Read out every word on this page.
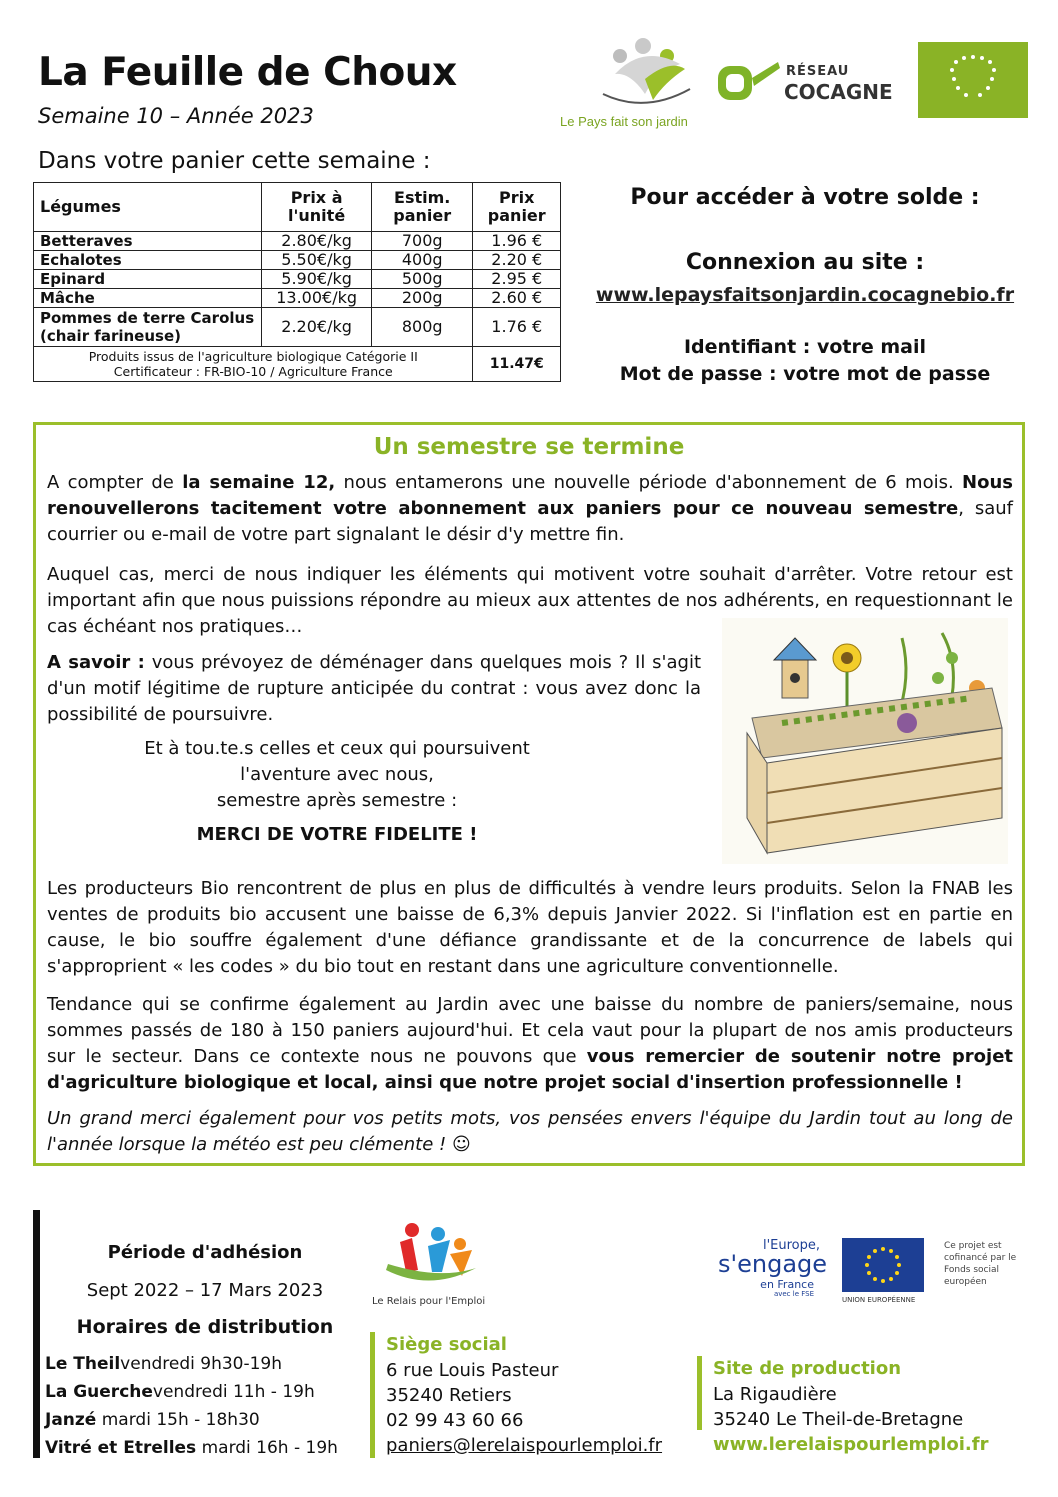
La Feuille de Choux
Semaine 10 – Année 2023	Le Pays fait son jardin
RÉSEAU
COCAGNE
Dans votre panier cette semaine :
Légumes	Prix à l'unité	Estim. panier	Prix panier
Betteraves	2.80€/kg	700g	1.96 €
Echalotes	5.50€/kg	400g	2.20 €
Epinard	5.90€/kg	500g	2.95 €
Mâche	13.00€/kg	200g	2.60 €
Pommes de terre Carolus (chair farineuse)	2.20€/kg	800g	1.76 €

Produits issus de l'agriculture biologique Catégorie II
Certificateur : FR-BIO-10 / Agriculture France			11.47€
Pour accéder à votre solde :
Connexion au site :
www.lepaysfaitsonjardin.cocagnebio.fr
Identifiant : votre mail
Mot de passe : votre mot de passe
Un semestre se termine
A compter de la semaine 12, nous entamerons une nouvelle période d'abonnement de 6 mois. Nous renouvellerons tacitement votre abonnement aux paniers pour ce nouveau semestre, sauf courrier ou e-mail de votre part signalant le désir d'y mettre fin.
Auquel cas, merci de nous indiquer les éléments qui motivent votre souhait d'arrêter. Votre retour est important afin que nous puissions répondre au mieux aux attentes de nos adhérents, en requestionnant le cas échéant nos pratiques…
A savoir : vous prévoyez de déménager dans quelques mois ? Il s'agit d'un motif légitime de rupture anticipée du contrat : vous avez donc la possibilité de poursuivre.
Et à tou.te.s celles et ceux qui poursuivent
l'aventure avec nous,
semestre après semestre :
MERCI DE VOTRE FIDELITE !
Les producteurs Bio rencontrent de plus en plus de difficultés à vendre leurs produits. Selon la FNAB les ventes de produits bio accusent une baisse de 6,3% depuis Janvier 2022. Si l'inflation est en partie en cause, le bio souffre également d'une défiance grandissante et de la concurrence de labels qui s'approprient « les codes » du bio tout en restant dans une agriculture conventionnelle.
Tendance qui se confirme également au Jardin avec une baisse du nombre de paniers/semaine, nous sommes passés de 180 à 150 paniers aujourd'hui. Et cela vaut pour la plupart de nos amis producteurs sur le secteur. Dans ce contexte nous ne pouvons que vous remercier de soutenir notre projet d'agriculture biologique et local, ainsi que notre projet social d'insertion professionnelle !
Un grand merci également pour vos petits mots, vos pensées envers l'équipe du Jardin tout au long de l'année lorsque la météo est peu clémente ! ☺
Période d'adhésion
Sept 2022 – 17 Mars 2023
Horaires de distribution
Le Theilvendredi 9h30-19h
La Guerchevendredi 11h - 19h
Janzé mardi 15h - 18h30
Vitré et Etrelles mardi 16h - 19h
Le Relais pour l'Emploi
Siège social
6 rue Louis Pasteur
35240 Retiers
02 99 43 60 66
paniers@lerelaispourlemploi.fr
l'Europe,
s'engage
en France
avec le FSE
UNION EUROPÉENNE
Ce projet est cofinancé par le Fonds social européen
Site de production
La Rigaudière
35240 Le Theil-de-Bretagne
www.lerelaispourlemploi.fr
